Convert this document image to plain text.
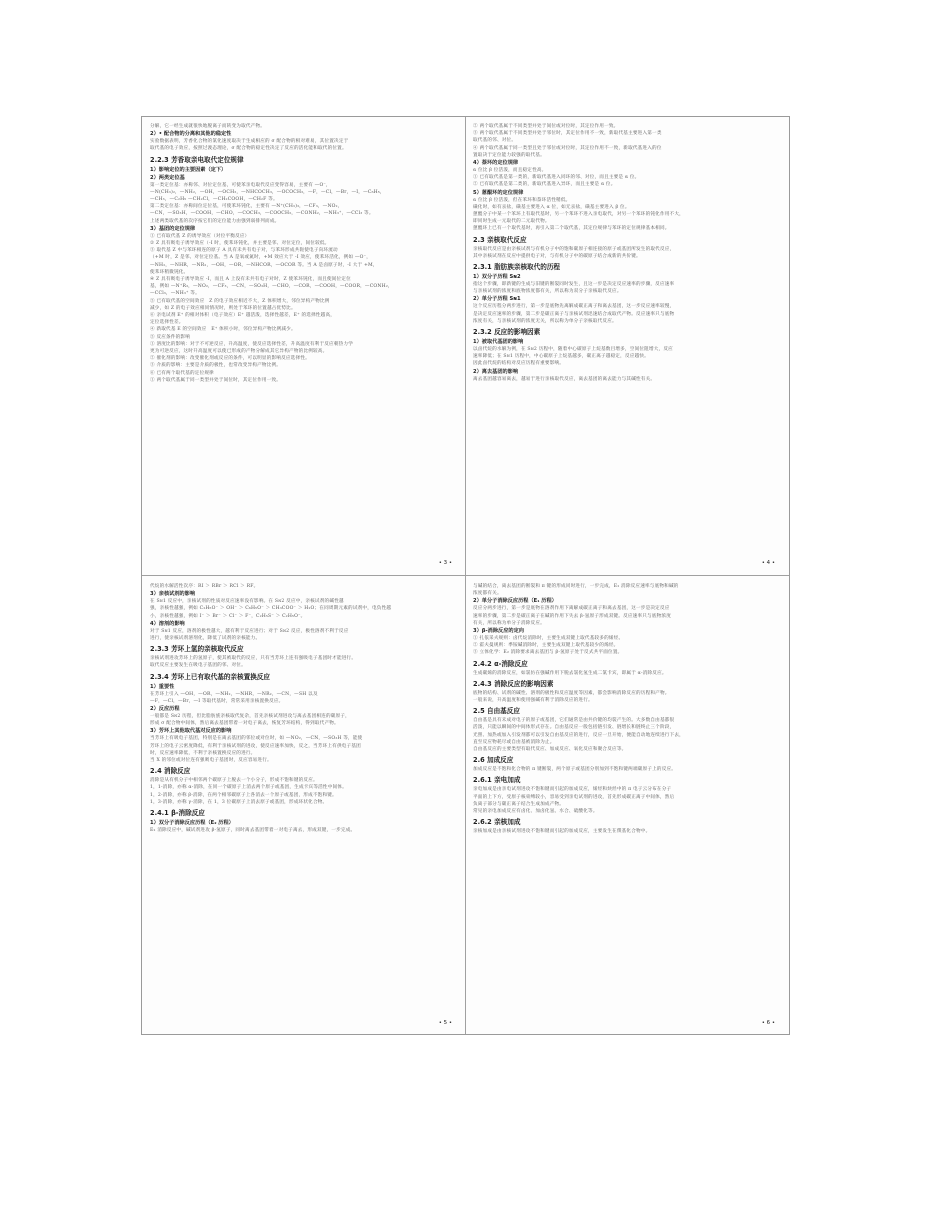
分解，它一经生成就很快地脱离子而转变为取代产物。
2）• 配合物的分离和其他的稳定性
实验数据表明，芳香化合物的氯化速度取决于生成相应的 σ 配合物的相对难易，其位置决定于
取代基的电子效应，按照过渡态理论，σ 配合物的稳定性决定了反应的活化能和取代的位置。
2.2.3 芳香取亲电取代定位规律
1）影响定位的主要因素（定下）
2）两类定位基
第一类定位基：亦称邻、对位定位基，可使苯亲电取代反应变得容易，主要有 —O⁻，
—N(CH₃)₂，—NH₂，—OH，—OCH₃，—NHCOCH₃，—OCOCH₃，—F，—Cl，—Br，—I，—C₆H₅，
—CH₃，—C₂H₅ —CH₂Cl，—CH₂COOH，—CH₂F 等。
第二类定位基：亦称间位定位基，可使苯环钝化，主要有 —N⁺(CH₃)₃，—CF₃，—NO₂，
—CN，—SO₃H，—COOH，—CHO，—COCH₃，—COOCH₃，—CONH₂，—NH₃⁺，—CCl₃ 等。
上述两类取代基的次序按它们的定位能力由强到弱排列而成。
3）基团的定位规律
① 已有取代基 Z 的诱导效应（对位平衡反应）
② Z 具有吸电子诱导效应（-I 时，使苯环钝化，并主要是邻、对位定位，间位较低。
③ 取代基 Z 中与苯环相连的原子 A 具有未共有电子对，与苯环形成共轭使电子向环流动
（+M 时，Z 是邻、对位定位基。当 A 是氧或氮时，+M 效应大于 -I 效应，使苯环活化，例如 —O⁻，
—NH₂，—NHR，—NR₂，—OH，—OR，—NHCOR，—OCOR 等。当 A 是卤原子时，-I 大于 +M，
使苯环稍微钝化。
④ Z 具有吸电子诱导效应 -I，而且 A 上没有未共有电子对时，Z 使苯环钝化，而且使间位定位
基，例如 —N⁺R₃，—NO₂，—CF₃，—CN，—SO₃H，—CHO，—COR，—COOH，—COOR，—CONH₂，
—CCl₃，—NH₃⁺ 等。
⑤ 已有取代基的空间效应　Z 的电子效应相近不大，Z 体积增大，邻位异构产物比例
减少，如 Z 的电子效应相同情况时，则处于苯环的位置越占优势比。
⑥ 亲电试剂 E⁺ 的相对体积（电子效应）E⁺ 越活泼，选择性越差，E⁺ 的选择性越高，
定位选择性差。
④ 新取代基 E 的空间效应　E⁺ 体积小时，邻位异构产物比例减少。
⑤ 反应条件的影响
① 溶度比的影响：对于不可逆反应，升高温度，使反应选择性差，升高温度有利于反应朝热力学
更为可逆反应，这时升高温度可以使已形成的产物分解成其它异构产物的比例较高。
② 催化剂的影响：改变催化剂或反应的条件，可以明显的影响反应选择性。
③ 介质的影响：主要是介质的极性，也常改变异构产物比例。
⑥ 已有两个取代基的定位规律
① 两个取代基属于同一类型并处于间位时，其定位作用一致。
• 3 •
② 两个取代基属于不同类型并处于间位或对位时，其定位作用一致。
③ 两个取代基属于不同类型并处于邻位时，其定位作用不一致，新取代基主要进入第一类
取代基的邻、对位。
④ 两个取代基属于同一类型且处于邻位或对位时，其定位作用不一致，新取代基进入的位
置取决于定位能力较强的取代基。
4）萘环的定位规律
α 位比 β 位活泼，而且稳定性高。
① 已有取代基是第一类的，新取代基进入同环的邻、对位，而且主要是 α 位。
② 已有取代基是第二类的，新取代基进入异环，而且主要是 α 位。
5）蒽醌环的定位规律
α 位比 β 位活泼，但在苯环和萘环活性稍低。
磺化时，如有汞盐，磺基主要进入 α 位，如无汞盐，磺基主要进入 β 位。
蒽醌分子中某一个苯环上有取代基时，另一个苯环不进入亲电取代，对另一个苯环的钝化作用不大，
即同时生成一元取代的二元取代物。
蒽醌环上已有一个取代基时，再引入第二个取代基，其定位规律与苯环的定位规律基本相同。
2.3 亲核取代反应
亲核取代反应是由亲核试剂与有机分子中的饱和碳原子相连接的原子或基团所发生的取代反应，
其中亲核试剂在反应中提供电子对，与有机分子中的碳原子结合成新的共价键。
2.3.1 脂肪族亲核取代的历程
1）双分子历程 Sɴ2
指这个步骤，即新键的生成与旧键的断裂同时发生，且这一步是决定反应速率的步骤，反应速率
与亲核试剂的浓度和底物浓度都有关，所以称为双分子亲核取代反应。
2）单分子历程 Sɴ1
这个反应历程分两步进行，第一步是底物先离解成碳正离子和离去基团，这一步反应速率较慢，
是决定反应速率的步骤，第二步是碳正离子与亲核试剂迅速结合成取代产物。反应速率只与底物
浓度有关，与亲核试剂的浓度无关，所以称为单分子亲核取代反应。
2.3.2 反应的影响因素
1）被取代基团的影响
以卤代烷的水解为例，在 Sɴ2 历程中，随着中心碳原子上烷基数目增多，空间位阻增大，反应
速率降低；在 Sɴ1 历程中，中心碳原子上烷基越多，碳正离子越稳定，反应越快。
因此卤代烷的结构对反应历程有重要影响。
2）离去基团的影响
离去基团越容易离去，越易于进行亲核取代反应，离去基团的离去能力与其碱性有关。
• 4 •
代烷的水解活性次序：RI ＞ RBr ＞ RCl ＞ RF。
3）亲核试剂的影响
在 Sɴ1 反应中，亲核试剂的性质对反应速率没有影响。在 Sɴ2 反应中，亲核试剂的碱性越
强，亲核性越强，例如 C₂H₅O⁻ ＞ OH⁻ ＞ C₆H₅O⁻ ＞ CH₃COO⁻ ＞ H₂O；在同周期元素的试剂中，电负性越
小，亲核性越强，例如 I⁻ ＞ Br⁻ ＞ Cl⁻ ＞ F⁻，C₂H₅S⁻ ＞ C₂H₅O⁻。
4）溶剂的影响
对于 Sɴ1 反应，溶剂的极性越大，越有利于反应进行；对于 Sɴ2 反应，极性溶剂不利于反应
进行，使亲核试剂溶剂化，降低了试剂的亲核能力。
2.3.3 芳环上氢的亲核取代反应
亲核试剂进攻芳环上的氢原子，使其被取代的反应，只有当芳环上连有强吸电子基团时才能进行。
取代反应主要发生在吸电子基团的邻、对位。
2.3.4 芳环上已有取代基的亲核置换反应
1）重要性
在芳环上引入 —OH，—OR，—NH₂，—NHR，—NR₂，—CN，—SH 以及
—F，—Cl，—Br，—I 等取代基时，常常采用亲核置换反应。
2）反应历程
一般都是 Sɴ2 历程，但比脂肪族亲核取代复杂，首先亲核试剂进攻与离去基团相连的碳原子，
形成 σ 配合物中间体，然后离去基团带着一对电子离去，恢复芳环结构，得到取代产物。
3）芳环上其他取代基对反应的影响
当芳环上有吸电子基团，特别是在离去基团的邻位或对位时，如 —NO₂，—CN，—SO₃H 等，能使
芳环上的电子云密度降低，有利于亲核试剂的进攻，使反应速率加快，反之，当芳环上有供电子基团
时，反应速率降低，不利于亲核置换反应的进行。
当 X 的邻位或对位连有强吸电子基团时，反应容易进行。
2.4 消除反应
消除是从有机分子中相邻两个碳原子上脱去一个小分子，形成不饱和键的反应。
1，1-消除，亦称 α-消除，在同一个碳原子上消去两个原子或基团，生成卡宾等活性中间体。
1，2-消除，亦称 β-消除，在两个相邻碳原子上各消去一个原子或基团，形成不饱和键。
1，3-消除，亦称 γ-消除，在 1，3 位碳原子上消去原子或基团，形成环状化合物。
2.4.1 β-消除反应
1）双分子消除反应历程（E₂ 历程）
E₂ 消除反应中，碱试剂进攻 β-氢原子，同时离去基团带着一对电子离去，形成双键，一步完成。
• 5 •
与碱的结合，离去基团的断裂和 π 键的形成同时进行，一步完成，E₂ 消除反应速率与底物和碱的
浓度都有关。
2）单分子消除反应历程（E₁ 历程）
反应分两步进行，第一步是底物在溶剂作用下离解成碳正离子和离去基团，这一步是决定反应
速率的步骤，第二步是碳正离子在碱的作用下失去 β-氢原子形成双键。反应速率只与底物浓度
有关，所以称为单分子消除反应。
3）β-消除反应的定向
① 扎依采夫规则：卤代烷消除时，主要生成双键上取代基较多的烯烃。
② 霍夫曼规则：季铵碱消除时，主要生成双键上取代基较少的烯烃。
③ 立体化学：E₂ 消除要求离去基团与 β-氢原子处于反式共平面位置。
2.4.2 α-消除反应
生成碳烯的消除反应，如氯仿在强碱作用下脱去氯化氢生成二氯卡宾，即属于 α-消除反应。
2.4.3 消除反应的影响因素
底物的结构、试剂的碱性、溶剂的极性和反应温度等因素，都会影响消除反应的历程和产物。
一般来说，升高温度和使用强碱有利于消除反应的进行。
2.5 自由基反应
自由基是具有未成对电子的原子或基团，它们通常是由共价键的均裂产生的。大多数自由基都很
活泼，只能以瞬间的中间体形式存在。自由基反应一般包括链引发、链增长和链终止三个阶段，
光照、加热或加入引发剂都可以引发自由基反应的进行，反应一旦开始，便能自动地连续进行下去，
直至反应物耗尽或自由基被消除为止。
自由基反应的主要类型有取代反应、加成反应、氧化反应和聚合反应等。
2.6 加成反应
加成反应是不饱和化合物的 π 键断裂，两个原子或基团分别加到不饱和键两端碳原子上的反应。
2.6.1 亲电加成
亲电加成是由亲电试剂进攻不饱和键而引起的加成反应，烯烃和炔烃中的 π 电子云分布在分子
平面的上下方，受原子核束缚较小，容易受到亲电试剂的进攻，首先形成碳正离子中间体，然后
负离子部分与碳正离子结合生成加成产物。
常见的亲电加成反应有卤化、加卤化氢、水合、硫酸化等。
2.6.2 亲核加成
亲核加成是由亲核试剂进攻不饱和键而引起的加成反应，主要发生在羰基化合物中。
• 6 •
